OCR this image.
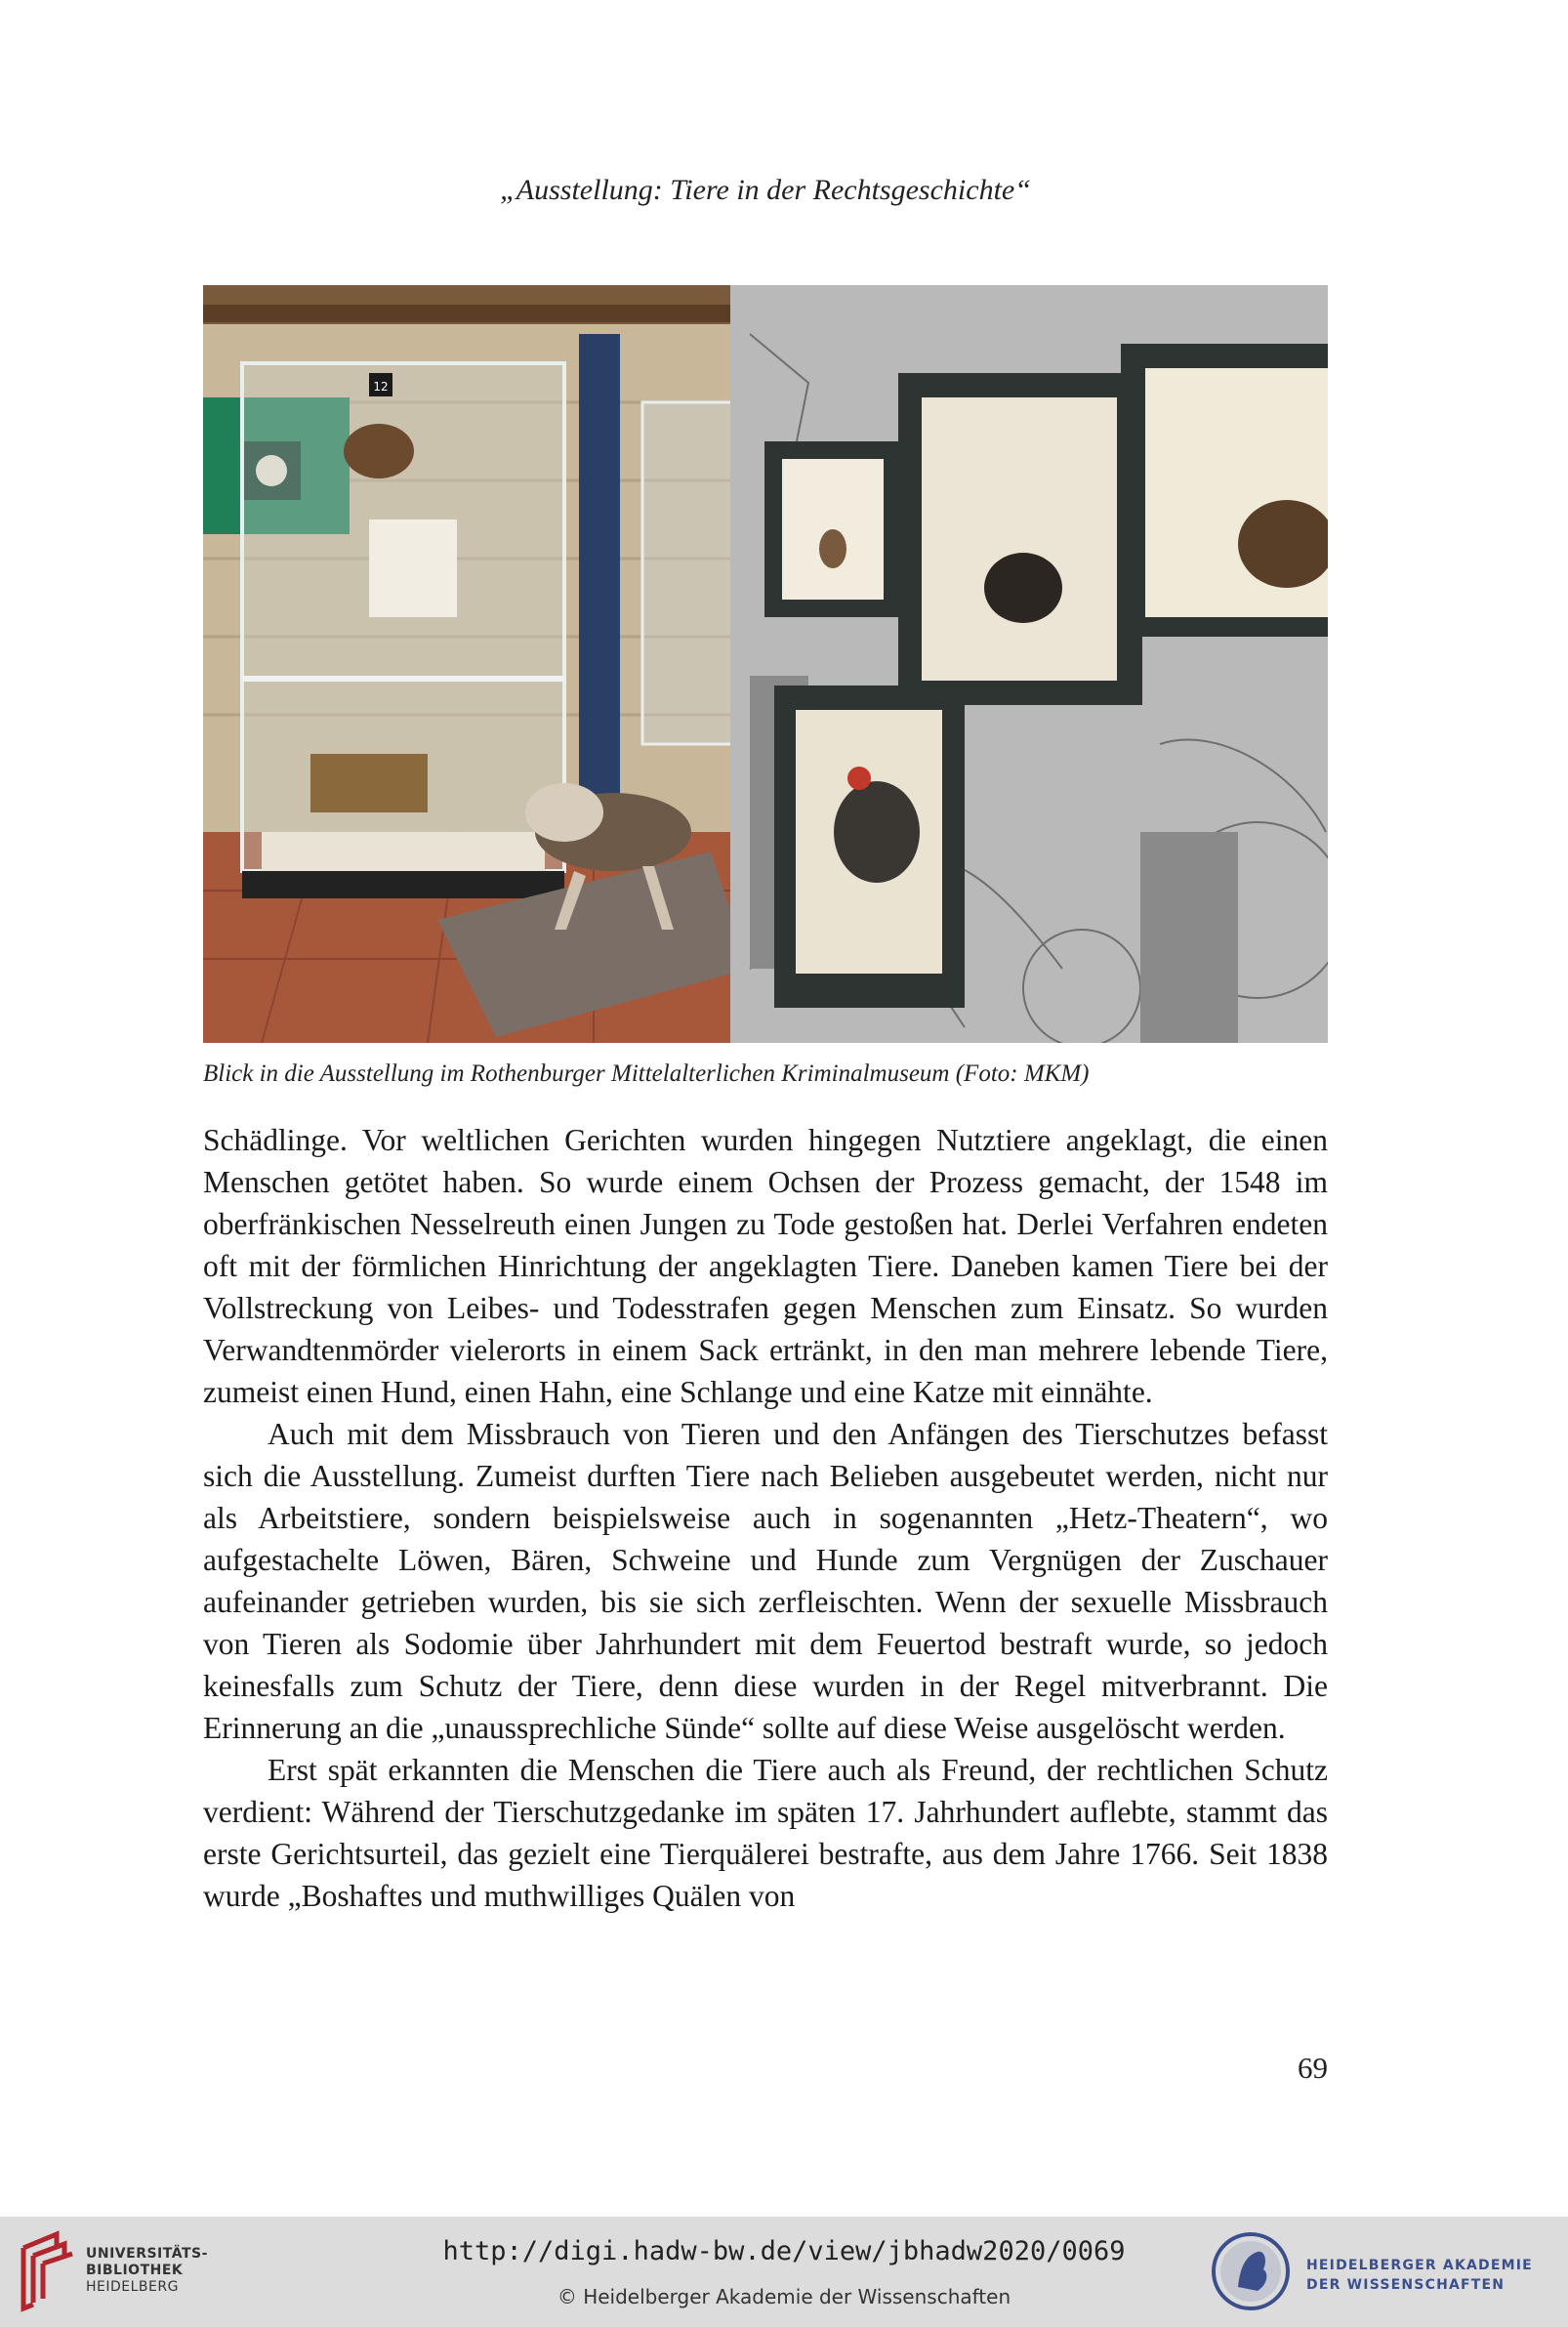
„Ausstellung: Tiere in der Rechtsgeschichte“
12
Blick in die Ausstellung im Rothenburger Mittelalterlichen Kriminalmuseum (Foto: MKM)

Schädlinge. Vor weltlichen Gerichten wurden hingegen Nutztiere angeklagt, die einen Menschen getötet haben. So wurde einem Ochsen der Prozess gemacht, der 1548 im oberfränkischen Nesselreuth einen Jungen zu Tode gestoßen hat. Derlei Verfahren endeten oft mit der förmlichen Hinrichtung der angeklagten Tiere. Daneben kamen Tiere bei der Vollstreckung von Leibes- und Todesstrafen gegen Menschen zum Einsatz. So wurden Verwandtenmörder vielerorts in einem Sack ertränkt, in den man mehrere lebende Tiere, zumeist einen Hund, einen Hahn, eine Schlange und eine Katze mit einnähte.

Auch mit dem Missbrauch von Tieren und den Anfängen des Tierschutzes befasst sich die Ausstellung. Zumeist durften Tiere nach Belieben ausgebeutet werden, nicht nur als Arbeitstiere, sondern beispielsweise auch in sogenannten „Hetz-Theatern“, wo aufgestachelte Löwen, Bären, Schweine und Hunde zum Vergnügen der Zuschauer aufeinander getrieben wurden, bis sie sich zerfleischten. Wenn der sexuelle Missbrauch von Tieren als Sodomie über Jahrhundert mit dem Feuertod bestraft wurde, so jedoch keinesfalls zum Schutz der Tiere, denn diese wurden in der Regel mitverbrannt. Die Erinnerung an die „unaussprechliche Sünde“ sollte auf diese Weise ausgelöscht werden.

Erst spät erkannten die Menschen die Tiere auch als Freund, der rechtlichen Schutz verdient: Während der Tierschutzgedanke im späten 17. Jahrhundert auflebte, stammt das erste Gerichtsurteil, das gezielt eine Tierquälerei bestrafte, aus dem Jahre 1766. Seit 1838 wurde „Boshaftes und muthwilliges Quälen von

69
UNIVERSITÄTS-
BIBLIOTHEK
HEIDELBERG
http://digi.hadw-bw.de/view/jbhadw2020/0069
© Heidelberger Akademie der Wissenschaften
HEIDELBERGER AKADEMIE
DER WISSENSCHAFTEN
